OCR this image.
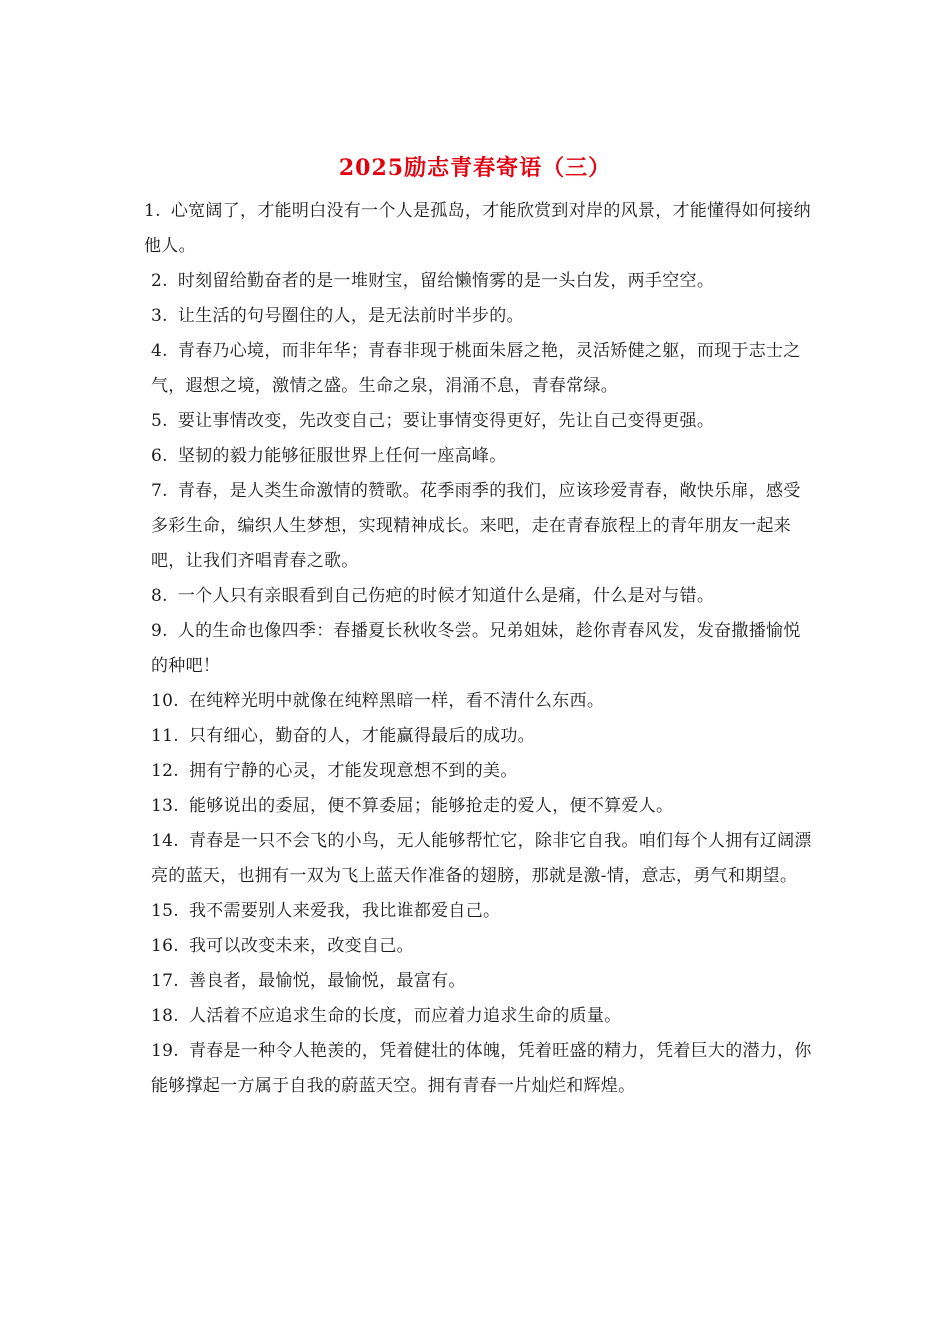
2025励志青春寄语（三）
1. 心宽阔了，才能明白没有一个人是孤岛，才能欣赏到对岸的风景，才能懂得如何接纳他人。
2. 时刻留给勤奋者的是一堆财宝，留给懒惰雾的是一头白发，两手空空。
3. 让生活的句号圈住的人，是无法前时半步的。
4. 青春乃心境，而非年华；青春非现于桃面朱唇之艳，灵活矫健之躯，而现于志士之气，遐想之境，激情之盛。生命之泉，涓涌不息，青春常绿。
5. 要让事情改变，先改变自己；要让事情变得更好，先让自己变得更强。
6. 坚韧的毅力能够征服世界上任何一座高峰。
7. 青春，是人类生命激情的赞歌。花季雨季的我们，应该珍爱青春，敞快乐扉，感受多彩生命，编织人生梦想，实现精神成长。来吧，走在青春旅程上的青年朋友一起来吧，让我们齐唱青春之歌。
8. 一个人只有亲眼看到自己伤疤的时候才知道什么是痛，什么是对与错。
9. 人的生命也像四季：春播夏长秋收冬尝。兄弟姐妹，趁你青春风发，发奋撒播愉悦的种吧！
10. 在纯粹光明中就像在纯粹黑暗一样，看不清什么东西。
11. 只有细心，勤奋的人，才能赢得最后的成功。
12. 拥有宁静的心灵，才能发现意想不到的美。
13. 能够说出的委屈，便不算委屈；能够抢走的爱人，便不算爱人。
14. 青春是一只不会飞的小鸟，无人能够帮忙它，除非它自我。咱们每个人拥有辽阔漂亮的蓝天，也拥有一双为飞上蓝天作准备的翅膀，那就是激-情，意志，勇气和期望。
15. 我不需要别人来爱我，我比谁都爱自己。
16. 我可以改变未来，改变自己。
17. 善良者，最愉悦，最愉悦，最富有。
18. 人活着不应追求生命的长度，而应着力追求生命的质量。
19. 青春是一种令人艳羡的，凭着健壮的体魄，凭着旺盛的精力，凭着巨大的潜力，你能够撑起一方属于自我的蔚蓝天空。拥有青春一片灿烂和辉煌。
